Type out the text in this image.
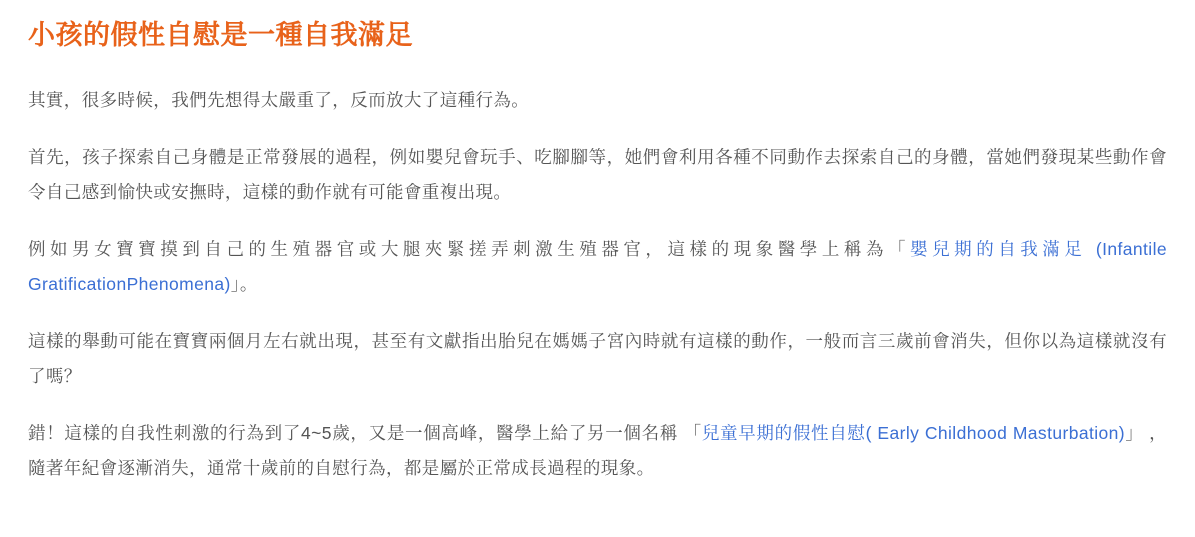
小孩的假性自慰是一種自我滿足

其實，很多時候，我們先想得太嚴重了，反而放大了這種行為。

首先，孩子探索自己身體是正常發展的過程，例如嬰兒會玩手、吃腳腳等，她們會利用各種不同動作去探索自己的身體，當她們發現某些動作會令自己感到愉快或安撫時，這樣的動作就有可能會重複出現。

例如男女寶寶摸到自己的生殖器官或大腿夾緊搓弄刺激生殖器官，這樣的現象醫學上稱為「嬰兒期的自我滿足 (Infantile GratificationPhenomena)」。

這樣的舉動可能在寶寶兩個月左右就出現，甚至有文獻指出胎兒在媽媽子宮內時就有這樣的動作，一般而言三歲前會消失，但你以為這樣就沒有了嗎？

錯！這樣的自我性刺激的行為到了4~5歲，又是一個高峰，醫學上給了另一個名稱 「兒童早期的假性自慰( Early Childhood Masturbation)」 ，隨著年紀會逐漸消失，通常十歲前的自慰行為，都是屬於正常成長過程的現象。
